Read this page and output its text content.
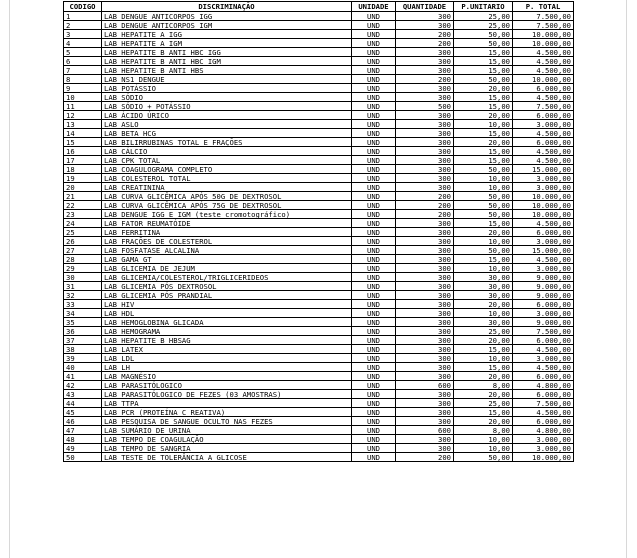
CODIGO	DISCRIMINAÇÃO	UNIDADE	QUANTIDADE	P.UNITARIO	P. TOTAL
1	LAB DENGUE ANTICORPOS IGG	UND	300	25,00	7.500,00
2	LAB DENGUE ANTICORPOS IGM	UND	300	25,00	7.500,00
3	LAB HEPATITE A IGG	UND	200	50,00	10.000,00
4	LAB HEPATITE A IGM	UND	200	50,00	10.000,00
5	LAB HEPATITE B ANTI HBC IGG	UND	300	15,00	4.500,00
6	LAB HEPATITE B ANTI HBC IGM	UND	300	15,00	4.500,00
7	LAB HEPATITE B ANTI HBS	UND	300	15,00	4.500,00
8	LAB NS1 DENGUE	UND	200	50,00	10.000,00
9	LAB POTÁSSIO	UND	300	20,00	6.000,00
10	LAB SÓDIO	UND	300	15,00	4.500,00
11	LAB SÓDIO + POTÁSSIO	UND	500	15,00	7.500,00
12	LAB ÁCIDO ÚRICO	UND	300	20,00	6.000,00
13	LAB ASLO	UND	300	10,00	3.000,00
14	LAB BETA HCG	UND	300	15,00	4.500,00
15	LAB BILIRRUBINAS TOTAL E FRAÇÕES	UND	300	20,00	6.000,00
16	LAB CÁLCIO	UND	300	15,00	4.500,00
17	LAB CPK TOTAL	UND	300	15,00	4.500,00
18	LAB COAGULOGRAMA COMPLETO	UND	300	50,00	15.000,00
19	LAB COLESTEROL TOTAL	UND	300	10,00	3.000,00
20	LAB CREATININA	UND	300	10,00	3.000,00
21	LAB CURVA GLICÊMICA APÓS 50G DE DEXTROSOL	UND	200	50,00	10.000,00
22	LAB CURVA GLICÊMICA APÓS 75G DE DEXTROSOL	UND	200	50,00	10.000,00
23	LAB DENGUE IGG E IGM (teste cromotográfico)	UND	200	50,00	10.000,00
24	LAB FATOR REUMATÓIDE	UND	300	15,00	4.500,00
25	LAB FERRITINA	UND	300	20,00	6.000,00
26	LAB FRAÇÕES DE COLESTEROL	UND	300	10,00	3.000,00
27	LAB FOSFATASE ALCALINA	UND	300	50,00	15.000,00
28	LAB GAMA GT	UND	300	15,00	4.500,00
29	LAB GLICEMIA DE JEJUM	UND	300	10,00	3.000,00
30	LAB GLICEMIA/COLESTEROL/TRIGLICERIDEOS	UND	300	30,00	9.000,00
31	LAB GLICEMIA PÓS DEXTROSOL	UND	300	30,00	9.000,00
32	LAB GLICEMIA PÓS PRANDIAL	UND	300	30,00	9.000,00
33	LAB HIV	UND	300	20,00	6.000,00
34	LAB HDL	UND	300	10,00	3.000,00
35	LAB HEMOGLOBINA GLICADA	UND	300	30,00	9.000,00
36	LAB HEMOGRAMA	UND	300	25,00	7.500,00
37	LAB HEPATITE B HBSAG	UND	300	20,00	6.000,00
38	LAB LATEX	UND	300	15,00	4.500,00
39	LAB LDL	UND	300	10,00	3.000,00
40	LAB LH	UND	300	15,00	4.500,00
41	LAB MAGNÉSIO	UND	300	20,00	6.000,00
42	LAB PARASITÓLOGICO	UND	600	8,00	4.800,00
43	LAB PARASITÓLOGICO DE FEZES (03 AMOSTRAS)	UND	300	20,00	6.000,00
44	LAB TTPA	UND	300	25,00	7.500,00
45	LAB PCR (PROTEÍNA C REATIVA)	UND	300	15,00	4.500,00
46	LAB PESQUISA DE SANGUE OCULTO NAS FEZES	UND	300	20,00	6.000,00
47	LAB SUMÁRIO DE URINA	UND	600	8,00	4.800,00
48	LAB TEMPO DE COAGULAÇÃO	UND	300	10,00	3.000,00
49	LAB TEMPO DE SANGRIA	UND	300	10,00	3.000,00
50	LAB TESTE DE TOLERÂNCIA A GLICOSE	UND	200	50,00	10.000,00
